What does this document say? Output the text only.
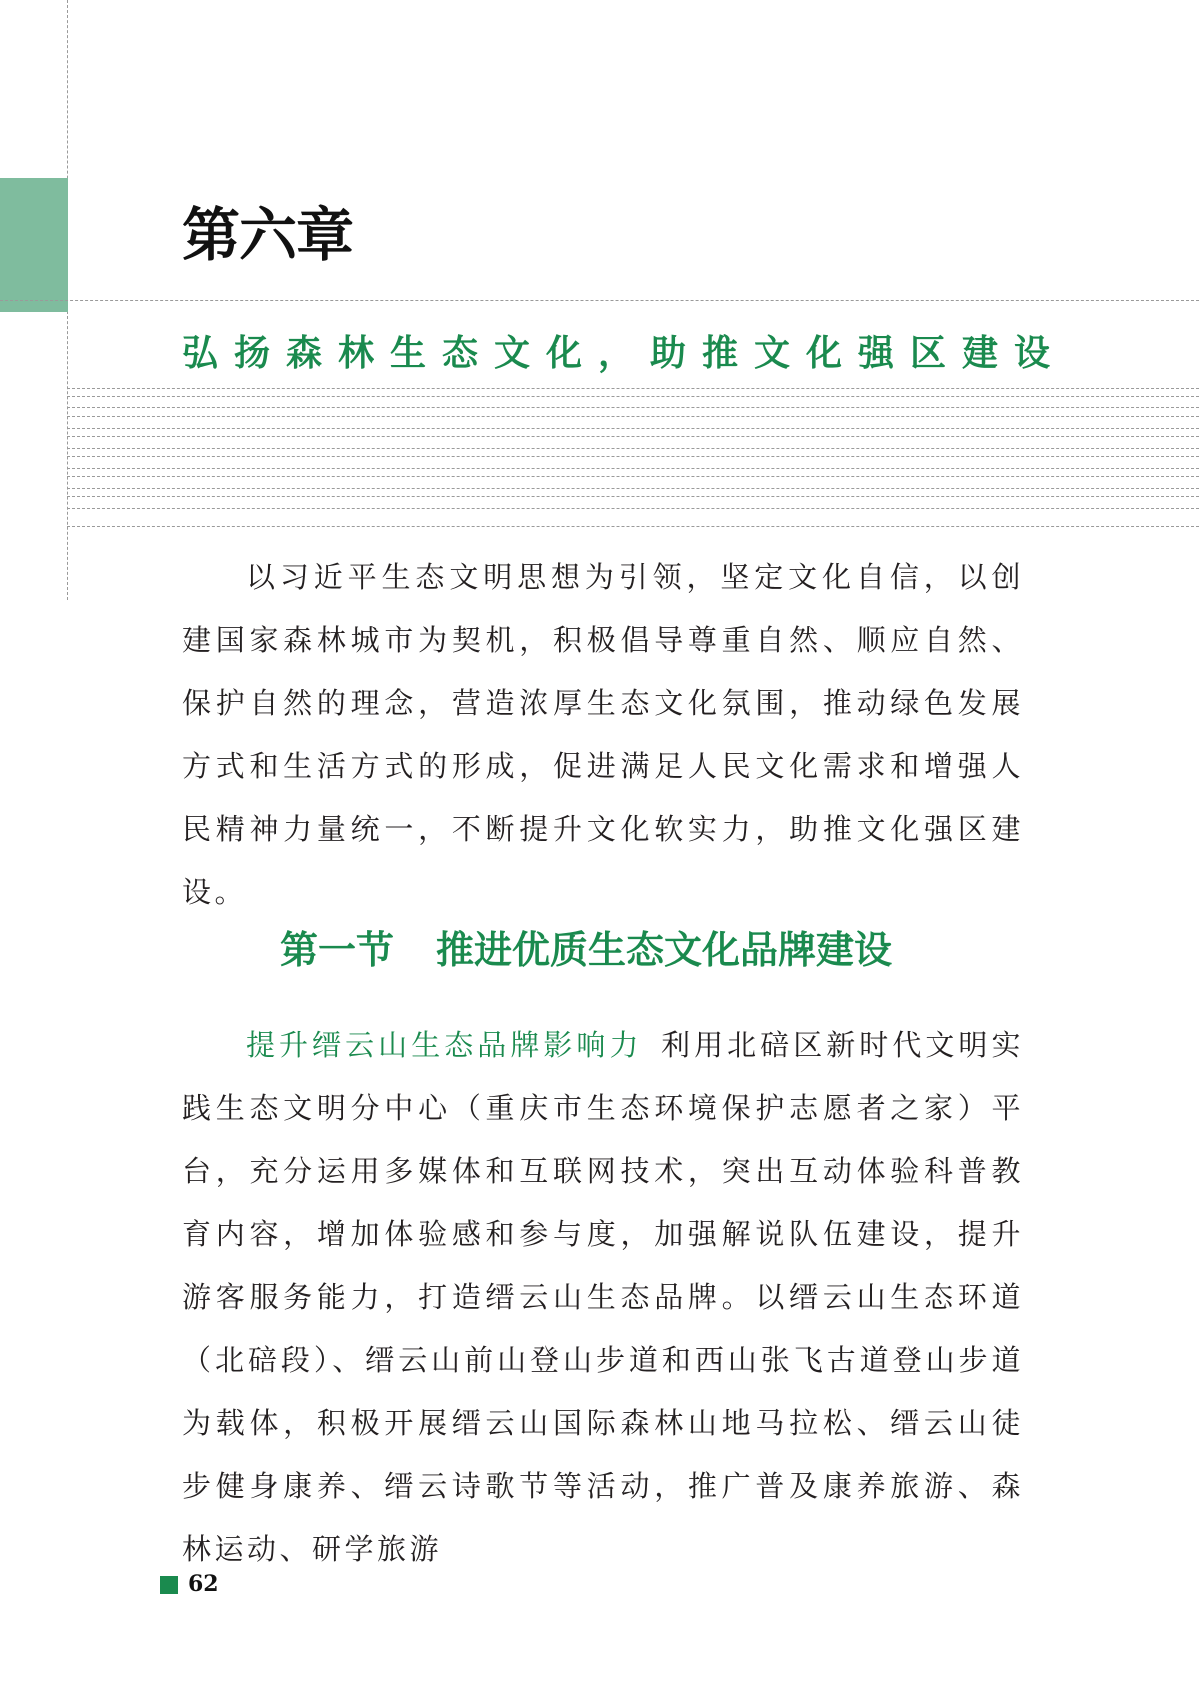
第六章
弘扬森林生态文化，助推文化强区建设

以习近平生态文明思想为引领，坚定文化自信，以创建国家森林城市为契机，积极倡导尊重自然、顺应自然、保护自然的理念，营造浓厚生态文化氛围，推动绿色发展方式和生活方式的形成，促进满足人民文化需求和增强人民精神力量统一，不断提升文化软实力，助推文化强区建设。

第一节 推进优质生态文化品牌建设

提升缙云山生态品牌影响力  利用北碚区新时代文明实践生态文明分中心（重庆市生态环境保护志愿者之家）平台，充分运用多媒体和互联网技术，突出互动体验科普教育内容，增加体验感和参与度，加强解说队伍建设，提升游客服务能力，打造缙云山生态品牌。以缙云山生态环道（北碚段）、缙云山前山登山步道和西山张飞古道登山步道为载体，积极开展缙云山国际森林山地马拉松、缙云山徒步健身康养、缙云诗歌节等活动，推广普及康养旅游、森林运动、研学旅游

62
